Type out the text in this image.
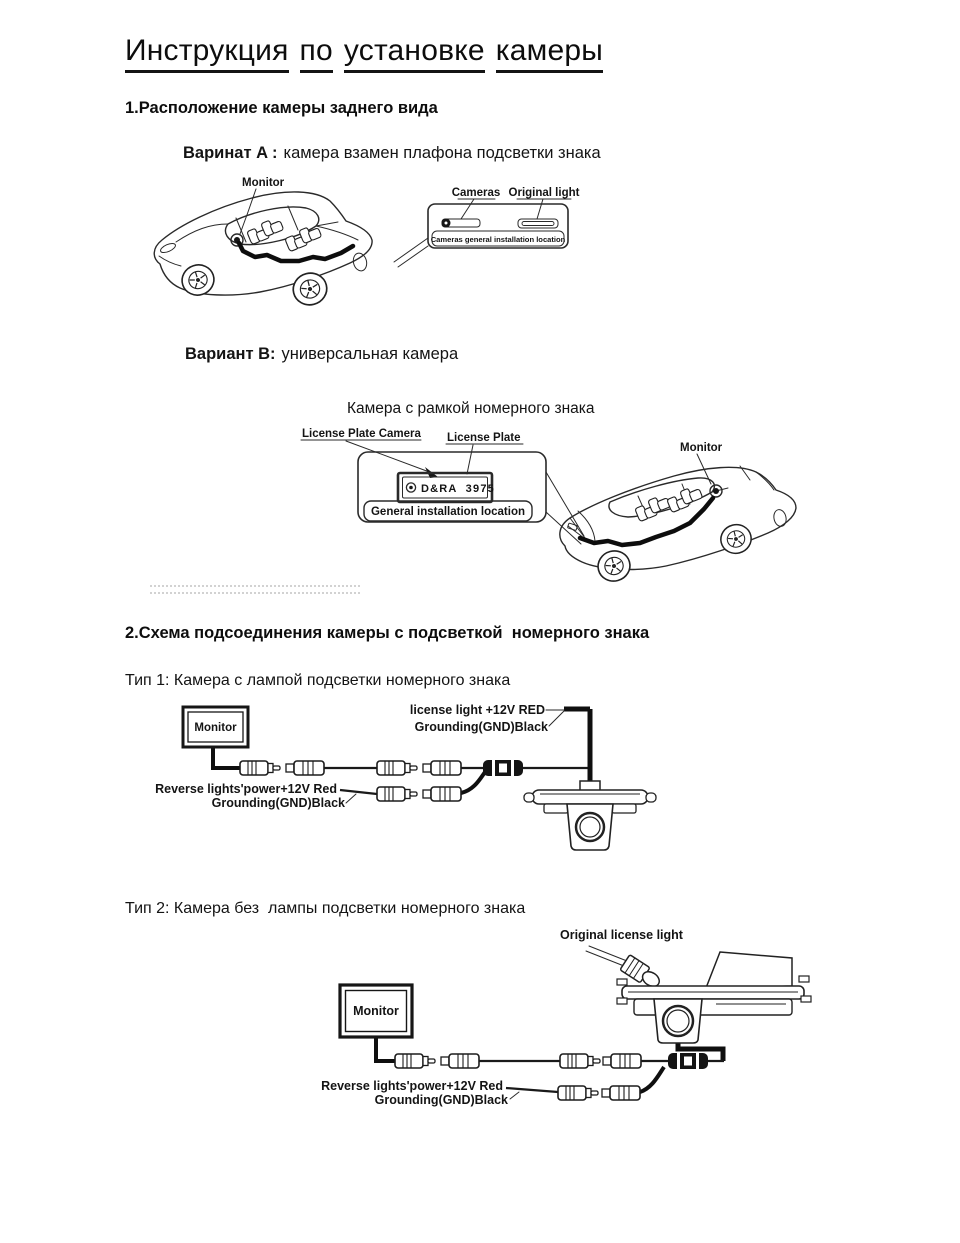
Инструкция по установке камеры
1.Расположение камеры заднего вида
Варинат A : камера взамен плафона подсветки знака
Monitor
Cameras general installation location
Cameras Original light
Вариант B: универсальная камера
Камера с рамкой номерного знака
License Plate Camera License Plate
D&RA  3975
General installation location
Monitor
2.Схема подсоединения камеры с подсветкой  номерного знака
Тип 1: Камера с лампой подсветки номерного знака
Monitor
license light +12V RED
Grounding(GND)Black
Reverse lights'power+12V Red
Grounding(GND)Black
Тип 2: Камера без  лампы подсветки номерного знака
Original license light
Monitor
Reverse lights'power+12V Red
Grounding(GND)Black
